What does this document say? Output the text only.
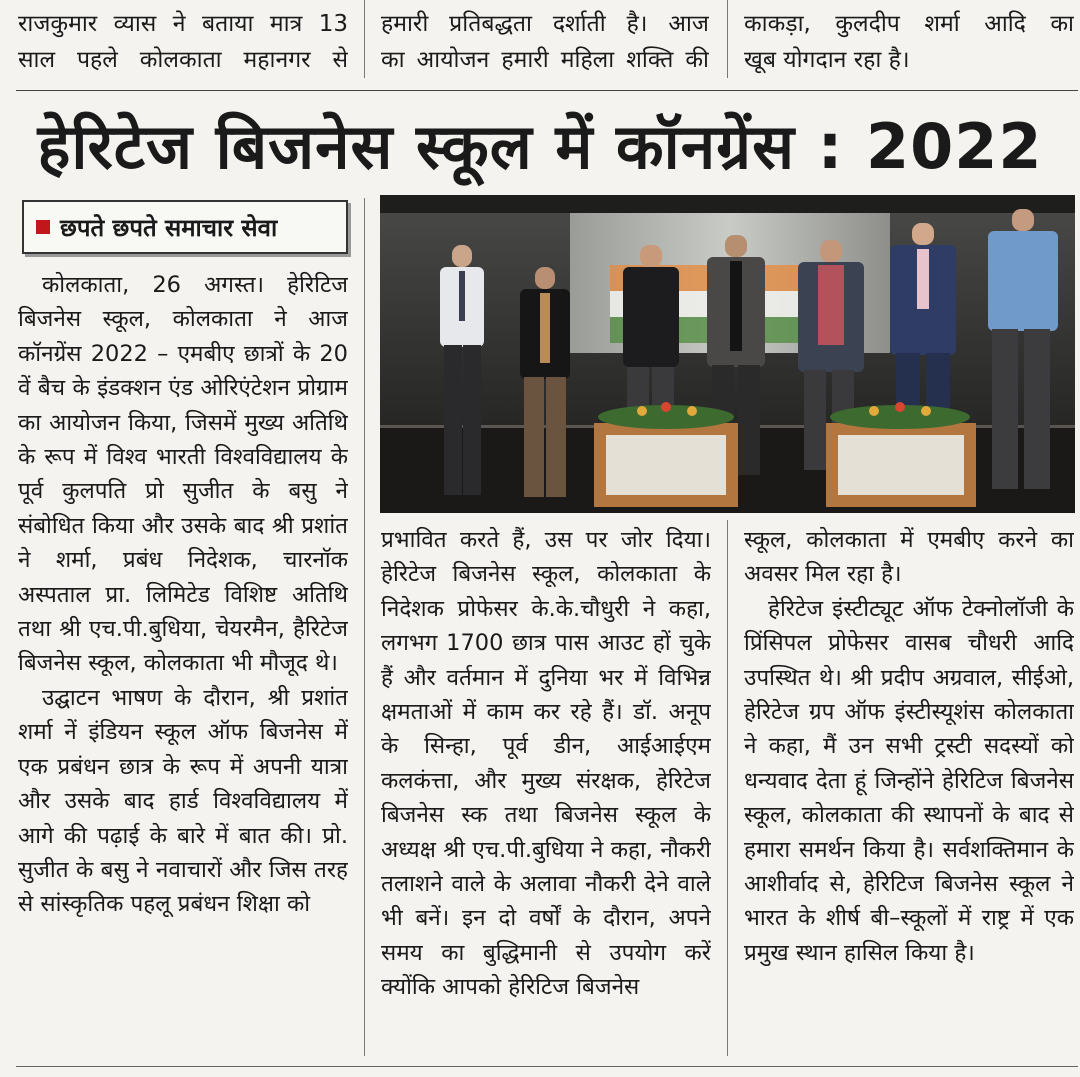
राजकुमार व्यास ने बताया मात्र 13
साल पहले कोलकाता महानगर से
हमारी प्रतिबद्धता दर्शाती है। आज
का आयोजन हमारी महिला शक्ति की
काकड़ा, कुलदीप शर्मा आदि का
खूब योगदान रहा है।
हेरिटेज बिजनेस स्कूल में कॉनग्रेंस : 2022
छपते छपते समाचार सेवा

कोलकाता, 26 अगस्त। हेरिटिज बिजनेस स्कूल, कोलकाता ने आज कॉनग्रेंस 2022 – एमबीए छात्रों के 20 वें बैच के इंडक्शन एंड ओरिएंटेशन प्रोग्राम का आयोजन किया, जिसमें मुख्य अतिथि के रूप में विश्व भारती विश्वविद्यालय के पूर्व कुलपति प्रो सुजीत के बसु ने संबोधित किया और उसके बाद श्री प्रशांत ने शर्मा, प्रबंध निदेशक, चारनॉक अस्पताल प्रा. लिमिटेड विशिष्ट अतिथि तथा श्री एच.पी.बुधिया, चेयरमैन, हैरिटेज बिजनेस स्कूल, कोलकाता भी मौजूद थे।

उद्घाटन भाषण के दौरान, श्री प्रशांत शर्मा नें इंडियन स्कूल ऑफ बिजनेस में एक प्रबंधन छात्र के रूप में अपनी यात्रा और उसके बाद हार्ड विश्वविद्यालय में आगे की पढ़ाई के बारे में बात की। प्रो. सुजीत के बसु ने नवाचारों और जिस तरह से सांस्कृतिक पहलू प्रबंधन शिक्षा को

प्रभावित करते हैं, उस पर जोर दिया। हेरिटेज बिजनेस स्कूल, कोलकाता के निदेशक प्रोफेसर के.के.चौधुरी ने कहा, लगभग 1700 छात्र पास आउट हों चुके हैं और वर्तमान में दुनिया भर में विभिन्न क्षमताओं में काम कर रहे हैं। डॉ. अनूप के सिन्हा, पूर्व डीन, आईआईएम कलकंत्ता, और मुख्य संरक्षक, हेरिटेज बिजनेस स्क तथा बिजनेस स्कूल के अध्यक्ष श्री एच.पी.बुधिया ने कहा, नौकरी तलाशने वाले के अलावा नौकरी देने वाले भी बनें। इन दो वर्षों के दौरान, अपने समय का बुद्धिमानी से उपयोग करें क्योंकि आपको हेरिटिज बिजनेस

स्कूल, कोलकाता में एमबीए करने का अवसर मिल रहा है।

हेरिटेज इंस्टीट्यूट ऑफ टेक्नोलॉजी के प्रिंसिपल प्रोफेसर वासब चौधरी आदि उपस्थित थे। श्री प्रदीप अग्रवाल, सीईओ, हेरिटेज ग्रप ऑफ इंस्टीस्यूशंस कोलकाता ने कहा, मैं उन सभी ट्रस्टी सदस्यों को धन्यवाद देता हूं जिन्होंने हेरिटिज बिजनेस स्कूल, कोलकाता की स्थापनों के बाद से हमारा समर्थन किया है। सर्वशक्तिमान के आशीर्वाद से, हेरिटिज बिजनेस स्कूल ने भारत के शीर्ष बी–स्कूलों में राष्ट्र में एक प्रमुख स्थान हासिल किया है।
